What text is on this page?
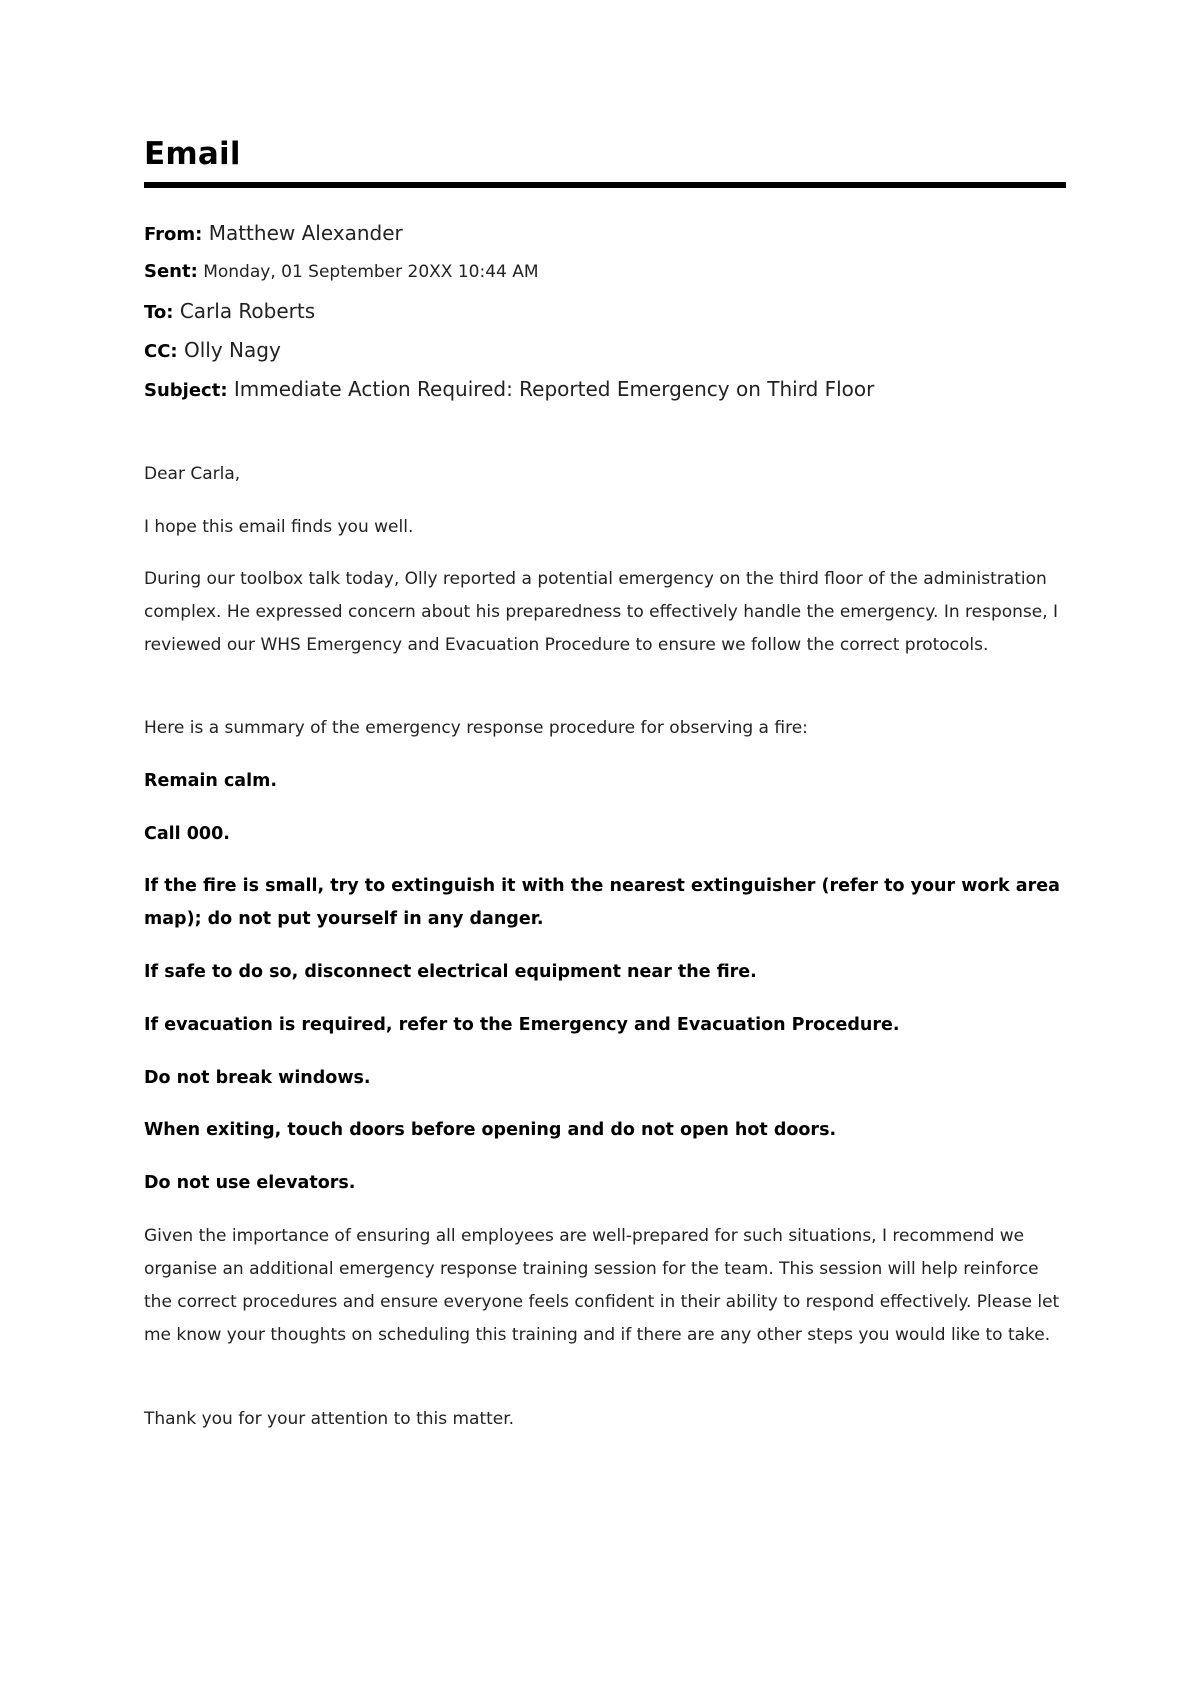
Email
From: Matthew Alexander
Sent: Monday, 01 September 20XX 10:44 AM
To: Carla Roberts
CC: Olly Nagy
Subject: Immediate Action Required: Reported Emergency on Third Floor

Dear Carla,

I hope this email finds you well.

During our toolbox talk today, Olly reported a potential emergency on the third floor of the administration complex. He expressed concern about his preparedness to effectively handle the emergency. In response, I reviewed our WHS Emergency and Evacuation Procedure to ensure we follow the correct protocols.

Here is a summary of the emergency response procedure for observing a fire:

Remain calm.

Call 000.

If the fire is small, try to extinguish it with the nearest extinguisher (refer to your work area map); do not put yourself in any danger.

If safe to do so, disconnect electrical equipment near the fire.

If evacuation is required, refer to the Emergency and Evacuation Procedure.

Do not break windows.

When exiting, touch doors before opening and do not open hot doors.

Do not use elevators.

Given the importance of ensuring all employees are well-prepared for such situations, I recommend we organise an additional emergency response training session for the team. This session will help reinforce the correct procedures and ensure everyone feels confident in their ability to respond effectively. Please let me know your thoughts on scheduling this training and if there are any other steps you would like to take.

Thank you for your attention to this matter.
